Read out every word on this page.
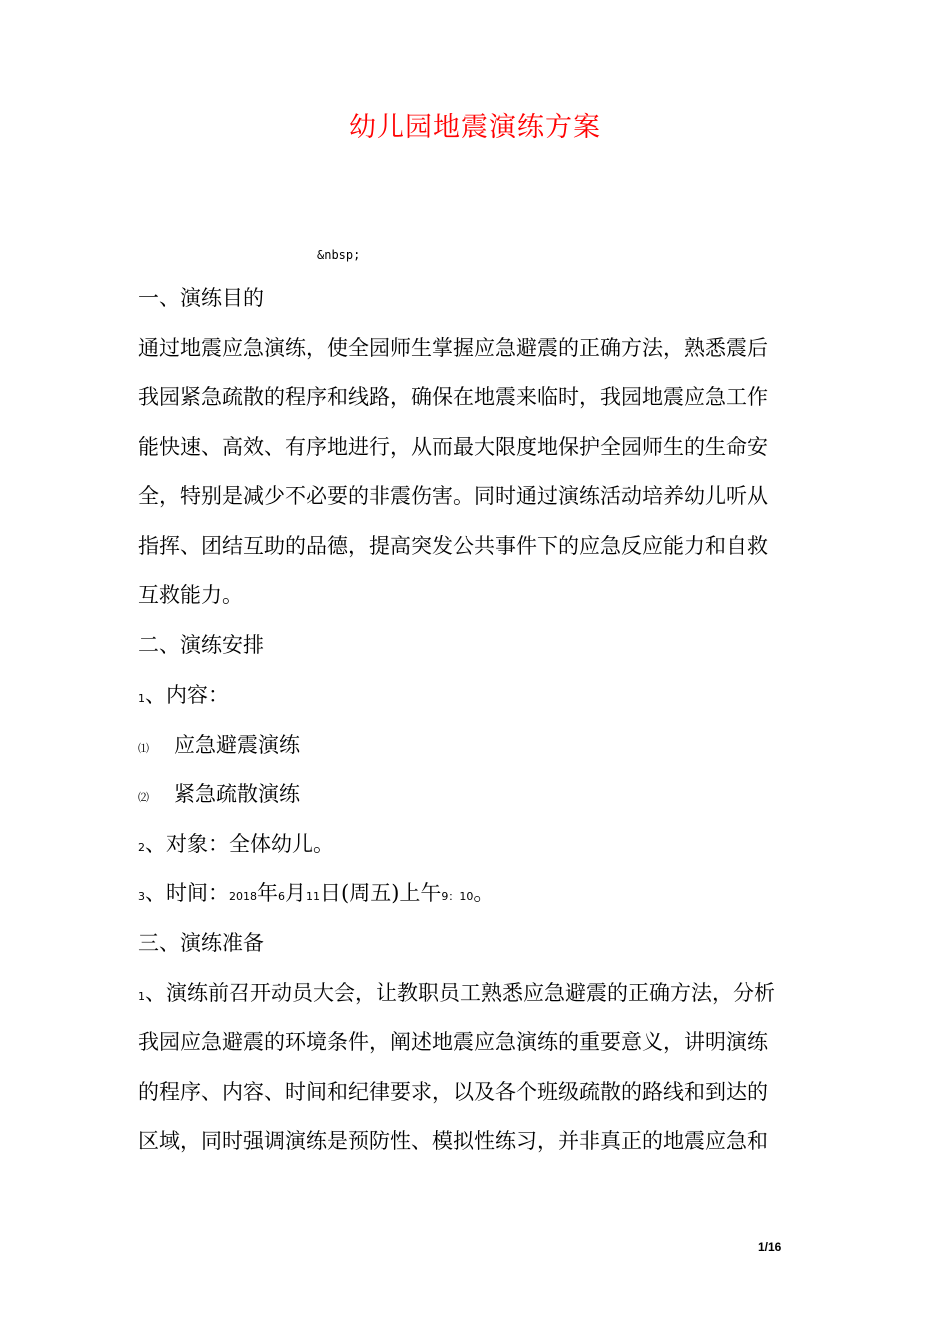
幼儿园地震演练方案
&nbsp;
一、演练目的
通过地震应急演练，使全园师生掌握应急避震的正确方法，熟悉震后
我园紧急疏散的程序和线路，确保在地震来临时，我园地震应急工作
能快速、高效、有序地进行，从而最大限度地保护全园师生的生命安
全，特别是减少不必要的非震伤害。同时通过演练活动培养幼儿听从
指挥、团结互助的品德，提高突发公共事件下的应急反应能力和自救
互救能力。
二、演练安排
1、内容：
⑴ 应急避震演练
⑵ 紧急疏散演练
2、对象：全体幼儿。
3、时间：2018年6月11日(周五)上午9：10。
三、演练准备
1、演练前召开动员大会，让教职员工熟悉应急避震的正确方法，分析
我园应急避震的环境条件，阐述地震应急演练的重要意义，讲明演练
的程序、内容、时间和纪律要求，以及各个班级疏散的路线和到达的
区域，同时强调演练是预防性、模拟性练习，并非真正的地震应急和
1/16
